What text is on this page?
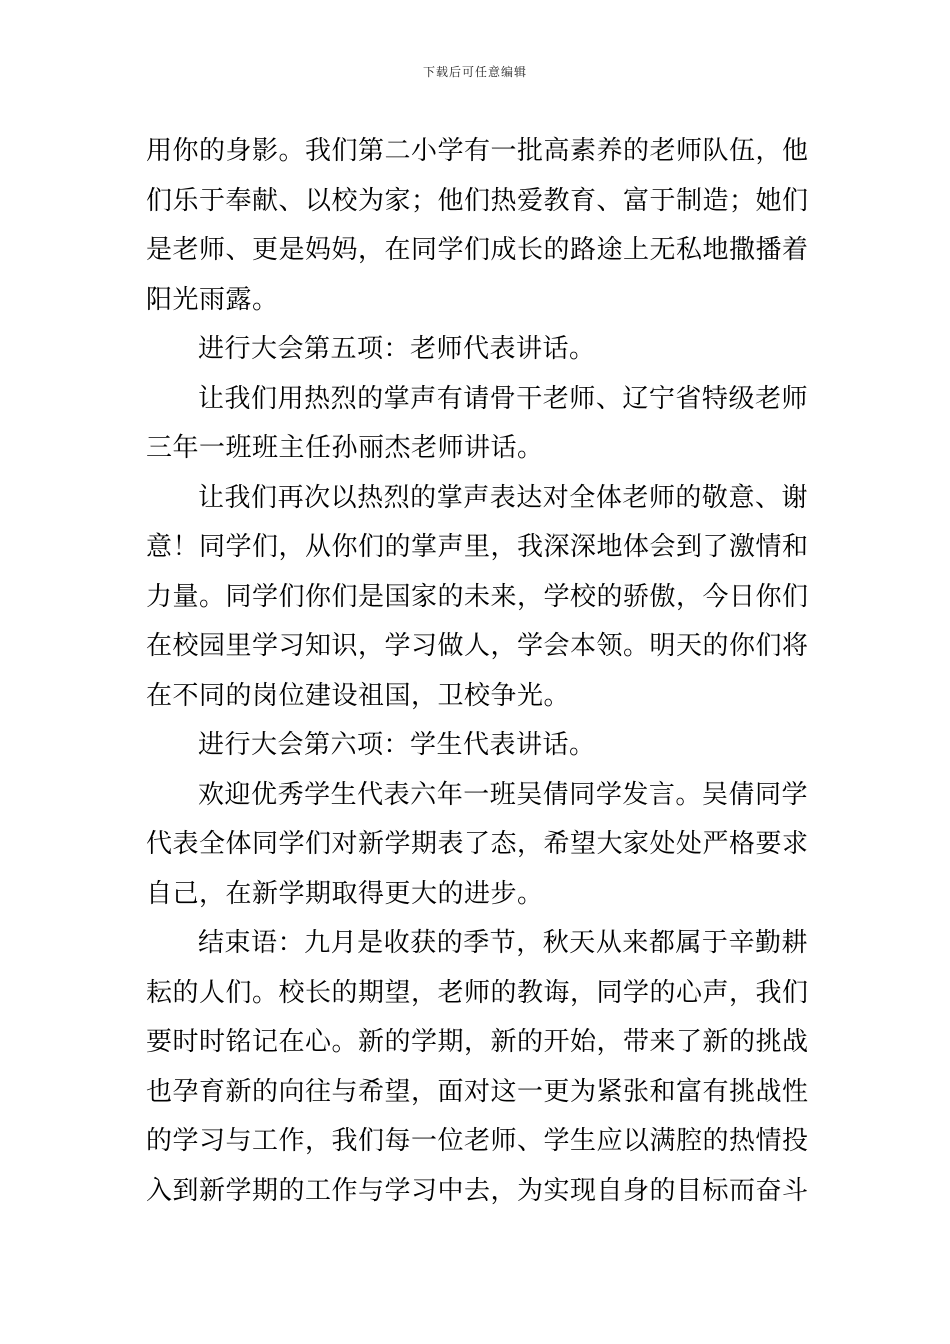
下载后可任意编辑
用你的身影。我们第二小学有一批高素养的老师队伍，他
们乐于奉献、以校为家；他们热爱教育、富于制造；她们
是老师、更是妈妈，在同学们成长的路途上无私地撒播着
阳光雨露。
进行大会第五项：老师代表讲话。
让我们用热烈的掌声有请骨干老师、辽宁省特级老师
三年一班班主任孙丽杰老师讲话。
让我们再次以热烈的掌声表达对全体老师的敬意、谢
意！同学们，从你们的掌声里，我深深地体会到了激情和
力量。同学们你们是国家的未来，学校的骄傲，今日你们
在校园里学习知识，学习做人，学会本领。明天的你们将
在不同的岗位建设祖国，卫校争光。
进行大会第六项：学生代表讲话。
欢迎优秀学生代表六年一班吴倩同学发言。吴倩同学
代表全体同学们对新学期表了态，希望大家处处严格要求
自己，在新学期取得更大的进步。
结束语：九月是收获的季节，秋天从来都属于辛勤耕
耘的人们。校长的期望，老师的教诲，同学的心声，我们
要时时铭记在心。新的学期，新的开始，带来了新的挑战
也孕育新的向往与希望，面对这一更为紧张和富有挑战性
的学习与工作，我们每一位老师、学生应以满腔的热情投
入到新学期的工作与学习中去，为实现自身的目标而奋斗
